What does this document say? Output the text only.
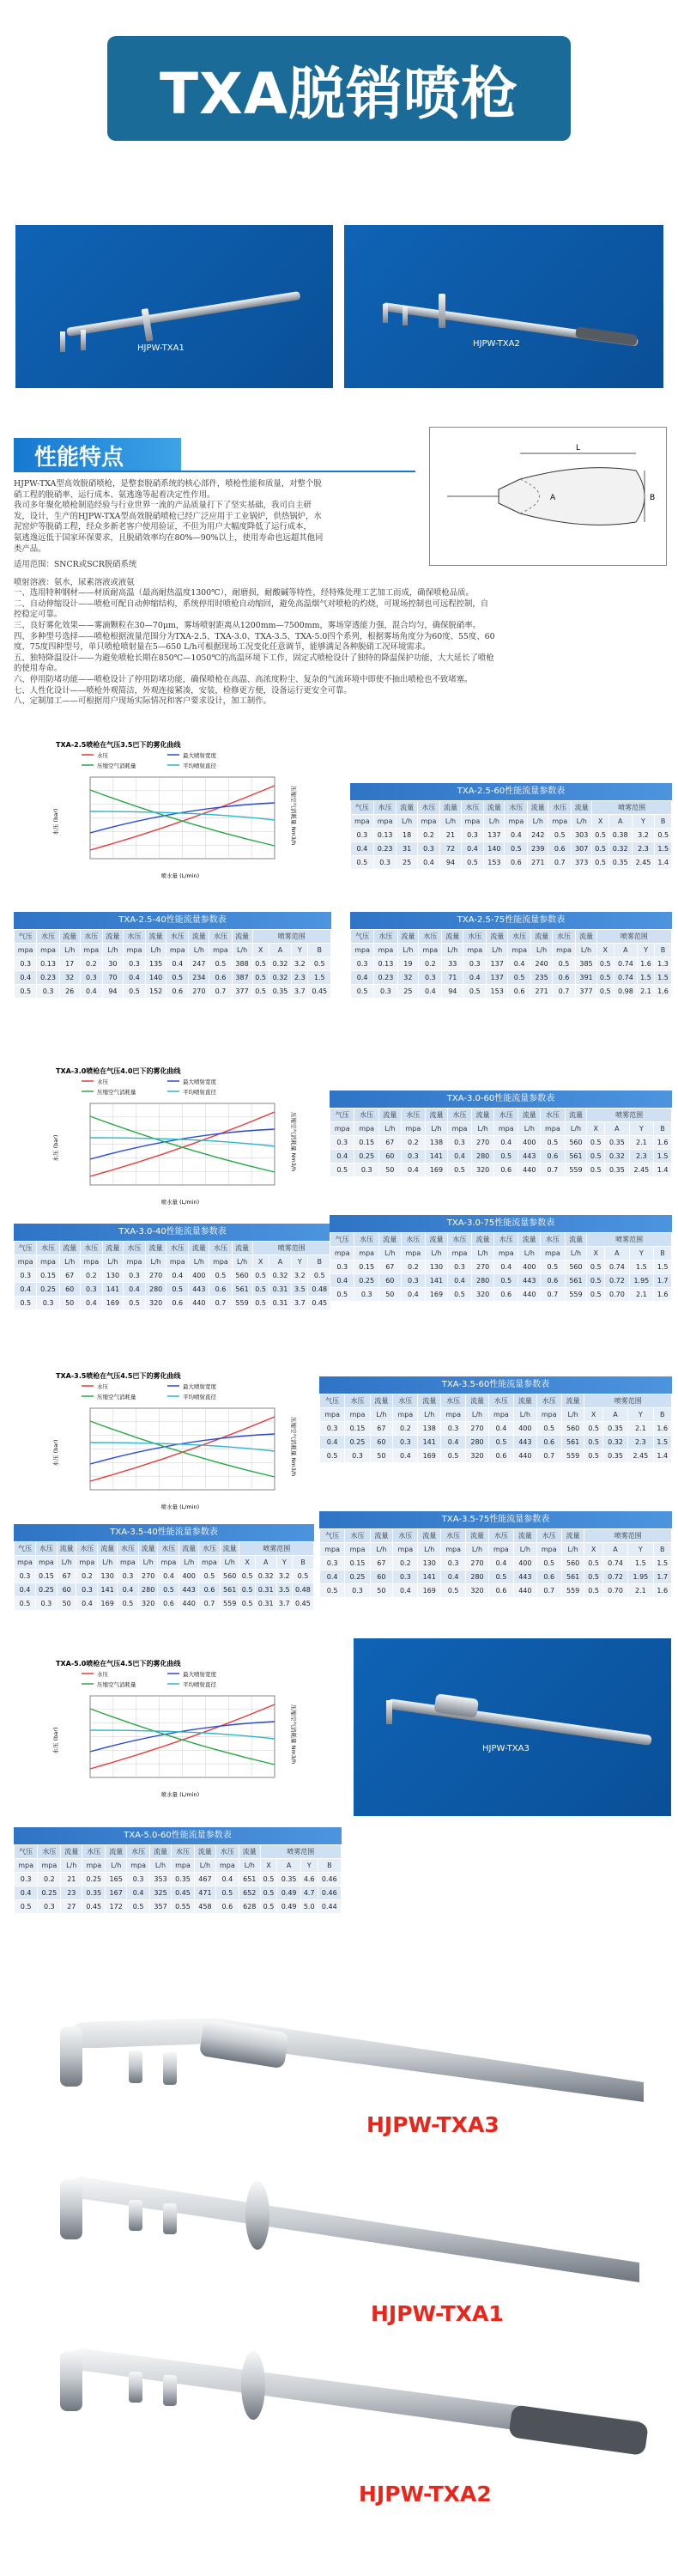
TXA脱销喷枪
HJPW-TXA1	HJPW-TXA2
性能特点	L
A	B

HJPW-TXA型高效脱硝喷枪，是整套脱硝系统的核心部件，喷枪性能和质量，对整个脱

硝工程的脱硝率、运行成本、氨逃逸等起着决定性作用。

我司多年聚化喷枪制造经验与行业世界一流的产品质量打下了坚实基础，我司自主研

发，设计，生产的HJPW-TXA型高效脱硝喷枪已经广泛应用于工业锅炉，供热锅炉，水

泥窑炉等脱硝工程，经众多新老客户使用验证，不但为用户大幅度降低了运行成本，

氨逃逸远低于国家环保要求，且脱硝效率均在80%—90%以上，使用寿命也远超其他同

类产品。

适用范围：SNCR或SCR脱硝系统

喷射溶液：氨水，尿素溶液或液氨

一、选用特种钢材——材质耐高温（最高耐热温度1300℃），耐磨损，耐酸碱等特性，经特殊处理工艺加工而成，确保喷枪品质。

二、自动伸缩设计——喷枪可配自动伸缩结构，系统停用时喷枪自动缩回，避免高温烟气对喷枪的灼烧，可规场控制也可远程控制，自

控稳定可靠。

三、良好雾化效果——雾滴颗粒在30—70μm，雾场喷射距离从1200mm—7500mm，雾场穿透能力强，混合均匀，确保脱硝率。

四、多种型号选择——喷枪根据流量范围分为TXA-2.5、TXA-3.0、TXA-3.5、TXA-5.0四个系列，根据雾场角度分为60度、55度、60

度、75度四种型号，单只喷枪喷射量在5—650 L/h可根据现场工况变化任意调节，能够满足各种脱硝工况环境需求。

五、独特降温设计——为避免喷枪长期在850℃—1050℃的高温环境下工作，固定式喷枪设计了独特的降温保护功能，大大延长了喷枪

的使用寿命。

六、停用防堵功能——喷枪设计了停用防堵功能，确保喷枪在高温、高浓度粉尘、复杂的气流环境中即使不抽出喷枪也不致堵塞。

七、人性化设计——喷枪外观简洁，外观连接紧凑，安装，检修更方便，设备运行更安全可靠。

八、定制加工——可根据用户现场实际情况和客户要求设计，加工制作。

TXA-2.5喷枪在气压3.5巴下的雾化曲线
水压	最大喷射宽度
压缩空气消耗量	平均喷射直径
喷水量 (L/min)
水压 (bar)	压缩空气消耗量 Nm3/h
TXA-3.0喷枪在气压4.0巴下的雾化曲线
水压	最大喷射宽度
压缩空气消耗量	平均喷射直径
喷水量 (L/min)
水压 (bar)	压缩空气消耗量 Nm3/h
TXA-3.5喷枪在气压4.5巴下的雾化曲线
水压	最大喷射宽度
压缩空气消耗量	平均喷射直径
喷水量 (L/min)
水压 (bar)	压缩空气消耗量 Nm3/h
TXA-5.0喷枪在气压4.5巴下的雾化曲线
水压	最大喷射宽度
压缩空气消耗量	平均喷射直径
喷水量 (L/min)
水压 (bar)	压缩空气消耗量 Nm3/h
TXA-2.5-60性能流量参数表
气压	水压	流量	水压	流量	水压	流量	水压	流量	水压	流量	喷雾范围			
mpa	mpa	L/h	mpa	L/h	mpa	L/h	mpa	L/h	mpa	L/h	X	A	Y	B
0.3	0.13	18	0.2	21	0.3	137	0.4	242	0.5	303	0.5	0.38	3.2	0.5
0.4	0.23	31	0.3	72	0.4	140	0.5	239	0.6	307	0.5	0.32	2.3	1.5
0.5	0.3	25	0.4	94	0.5	153	0.6	271	0.7	373	0.5	0.35	2.45	1.4
TXA-2.5-40性能流量参数表
气压	水压	流量	水压	流量	水压	流量	水压	流量	水压	流量	喷雾范围			
mpa	mpa	L/h	mpa	L/h	mpa	L/h	mpa	L/h	mpa	L/h	X	A	Y	B
0.3	0.13	17	0.2	30	0.3	135	0.4	247	0.5	388	0.5	0.32	3.2	0.5
0.4	0.23	32	0.3	70	0.4	140	0.5	234	0.6	387	0.5	0.32	2.3	1.5
0.5	0.3	26	0.4	94	0.5	152	0.6	270	0.7	377	0.5	0.35	3.7	0.45
TXA-2.5-75性能流量参数表
气压	水压	流量	水压	流量	水压	流量	水压	流量	水压	流量	喷雾范围			
mpa	mpa	L/h	mpa	L/h	mpa	L/h	mpa	L/h	mpa	L/h	X	A	Y	B
0.3	0.13	19	0.2	33	0.3	137	0.4	240	0.5	385	0.5	0.74	1.6	1.3
0.4	0.23	32	0.3	71	0.4	137	0.5	235	0.6	391	0.5	0.74	1.5	1.5
0.5	0.3	25	0.4	94	0.5	153	0.6	271	0.7	377	0.5	0.98	2.1	1.6
TXA-3.0-60性能流量参数表
气压	水压	流量	水压	流量	水压	流量	水压	流量	水压	流量	喷雾范围			
mpa	mpa	L/h	mpa	L/h	mpa	L/h	mpa	L/h	mpa	L/h	X	A	Y	B
0.3	0.15	67	0.2	138	0.3	270	0.4	400	0.5	560	0.5	0.35	2.1	1.6
0.4	0.25	60	0.3	141	0.4	280	0.5	443	0.6	561	0.5	0.32	2.3	1.5
0.5	0.3	50	0.4	169	0.5	320	0.6	440	0.7	559	0.5	0.35	2.45	1.4
TXA-3.0-40性能流量参数表
气压	水压	流量	水压	流量	水压	流量	水压	流量	水压	流量	喷雾范围			
mpa	mpa	L/h	mpa	L/h	mpa	L/h	mpa	L/h	mpa	L/h	X	A	Y	B
0.3	0.15	67	0.2	130	0.3	270	0.4	400	0.5	560	0.5	0.32	3.2	0.5
0.4	0.25	60	0.3	141	0.4	280	0.5	443	0.6	561	0.5	0.31	3.5	0.48
0.5	0.3	50	0.4	169	0.5	320	0.6	440	0.7	559	0.5	0.31	3.7	0.45
TXA-3.0-75性能流量参数表
气压	水压	流量	水压	流量	水压	流量	水压	流量	水压	流量	喷雾范围			
mpa	mpa	L/h	mpa	L/h	mpa	L/h	mpa	L/h	mpa	L/h	X	A	Y	B
0.3	0.15	67	0.2	130	0.3	270	0.4	400	0.5	560	0.5	0.74	1.5	1.5
0.4	0.25	60	0.3	141	0.4	280	0.5	443	0.6	561	0.5	0.72	1.95	1.7
0.5	0.3	50	0.4	169	0.5	320	0.6	440	0.7	559	0.5	0.70	2.1	1.6
TXA-3.5-60性能流量参数表
气压	水压	流量	水压	流量	水压	流量	水压	流量	水压	流量	喷雾范围			
mpa	mpa	L/h	mpa	L/h	mpa	L/h	mpa	L/h	mpa	L/h	X	A	Y	B
0.3	0.15	67	0.2	138	0.3	270	0.4	400	0.5	560	0.5	0.35	2.1	1.6
0.4	0.25	60	0.3	141	0.4	280	0.5	443	0.6	561	0.5	0.32	2.3	1.5
0.5	0.3	50	0.4	169	0.5	320	0.6	440	0.7	559	0.5	0.35	2.45	1.4
TXA-3.5-40性能流量参数表
气压	水压	流量	水压	流量	水压	流量	水压	流量	水压	流量	喷雾范围			
mpa	mpa	L/h	mpa	L/h	mpa	L/h	mpa	L/h	mpa	L/h	X	A	Y	B
0.3	0.15	67	0.2	130	0.3	270	0.4	400	0.5	560	0.5	0.32	3.2	0.5
0.4	0.25	60	0.3	141	0.4	280	0.5	443	0.6	561	0.5	0.31	3.5	0.48
0.5	0.3	50	0.4	169	0.5	320	0.6	440	0.7	559	0.5	0.31	3.7	0.45
TXA-3.5-75性能流量参数表
气压	水压	流量	水压	流量	水压	流量	水压	流量	水压	流量	喷雾范围			
mpa	mpa	L/h	mpa	L/h	mpa	L/h	mpa	L/h	mpa	L/h	X	A	Y	B
0.3	0.15	67	0.2	130	0.3	270	0.4	400	0.5	560	0.5	0.74	1.5	1.5
0.4	0.25	60	0.3	141	0.4	280	0.5	443	0.6	561	0.5	0.72	1.95	1.7
0.5	0.3	50	0.4	169	0.5	320	0.6	440	0.7	559	0.5	0.70	2.1	1.6
TXA-5.0-60性能流量参数表
气压	水压	流量	水压	流量	水压	流量	水压	流量	水压	流量	喷雾范围			
mpa	mpa	L/h	mpa	L/h	mpa	L/h	mpa	L/h	mpa	L/h	X	A	Y	B
0.3	0.2	21	0.25	165	0.3	353	0.35	467	0.4	651	0.5	0.35	4.6	0.46
0.4	0.25	23	0.35	167	0.4	325	0.45	471	0.5	652	0.5	0.49	4.7	0.46
0.5	0.3	27	0.45	172	0.5	357	0.55	458	0.6	628	0.5	0.49	5.0	0.44
HJPW-TXA3
HJPW-TXA3
HJPW-TXA1
HJPW-TXA2
